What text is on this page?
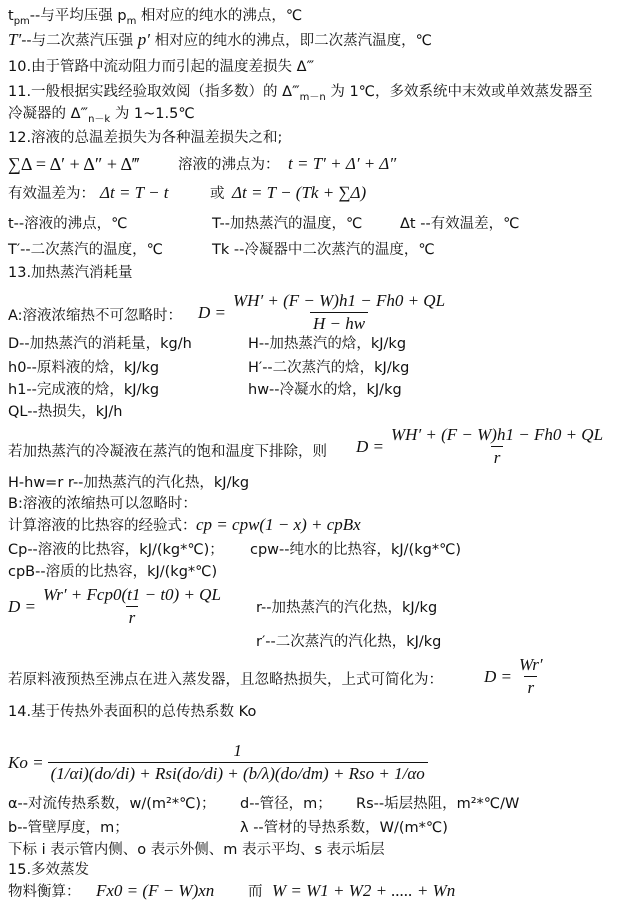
$t_{pm}--$与平均压强 $p_m$ 相对应的纯水的沸点，℃
T′--与二次蒸汽压强 p′ 相对应的纯水的沸点，即二次蒸汽温度，℃
10.由于管路中流动阻力而引起的温度差损失 Δ‴
11.一般根据实践经验取效阅（指多数）的 $\Delta‴_{m-n}$ 为 1℃，多效系统中末效或单效蒸发器至
冷凝器的 $\Delta‴_{n-k}$ 为 1~1.5℃
12.溶液的总温差损失为各种温差损失之和;
∑Δ = Δ′ + Δ″ + Δ‴	溶液的沸点为： t = T′ + Δ′ + Δ″
有效温差为： Δt = T − t	或 Δt = T − (Tk + ∑Δ)
t--溶液的沸点，℃	T--加热蒸汽的温度，℃	Δt --有效温差，℃
T′--二次蒸汽的温度，℃	Tk --冷凝器中二次蒸汽的温度，℃
13.加热蒸汽消耗量
A:溶液浓缩热不可忽略时： $D = \frac{WH' + (F - W)h1 - Fh0 + QL}{H - hw}$
D--加热蒸汽的消耗量，kg/h	H--加热蒸汽的焓，kJ/kg
h0--原料液的焓，kJ/kg	H′--二次蒸汽的焓，kJ/kg
h1--完成液的焓，kJ/kg	hw--冷凝水的焓，kJ/kg
QL--热损失，kJ/h
若加热蒸汽的冷凝液在蒸汽的饱和温度下排除，则 $D = \frac{WH' + (F - W)h1 - Fh0 + QL}{r}$
H-hw=r r--加热蒸汽的汽化热，kJ/kg
B:溶液的浓缩热可以忽略时：
计算溶液的比热容的经验式： cp = cpw(1 − x) + cpBx
Cp--溶液的比热容，kJ/(kg*℃)； cpw--纯水的比热容，kJ/(kg*℃)
cpB--溶质的比热容，kJ/(kg*℃)
$D = \frac{\text{Wr′ + Fcp0(t1 − t0) + QL}}{r} r--$加热蒸汽的汽化热，kJ/kg
r′--二次蒸汽的汽化热，kJ/kg
若原料液预热至沸点在进入蒸发器，且忽略热损失，上式可简化为： $D = \frac{Wr'}{r}$
14.基于传热外表面积的总传热系数 Ko
$Ko = \frac{1}{\text{(1/αi)(do/di) + Rsi(do/di) + (b/λ)(do/dm) + Rso + 1/αo}}$
α--对流传热系数，w/(m²*℃)； d--管径，m； Rs--垢层热阻，m²*℃/W
b--管壁厚度，m；	λ --管材的导热系数，W/(m*℃)
下标 i 表示管内侧、o 表示外侧、m 表示平均、s 表示垢层
15.多效蒸发
物料衡算： Fx0 = (F − W)xn 而 W = W1 + W2 + ..... + Wn
